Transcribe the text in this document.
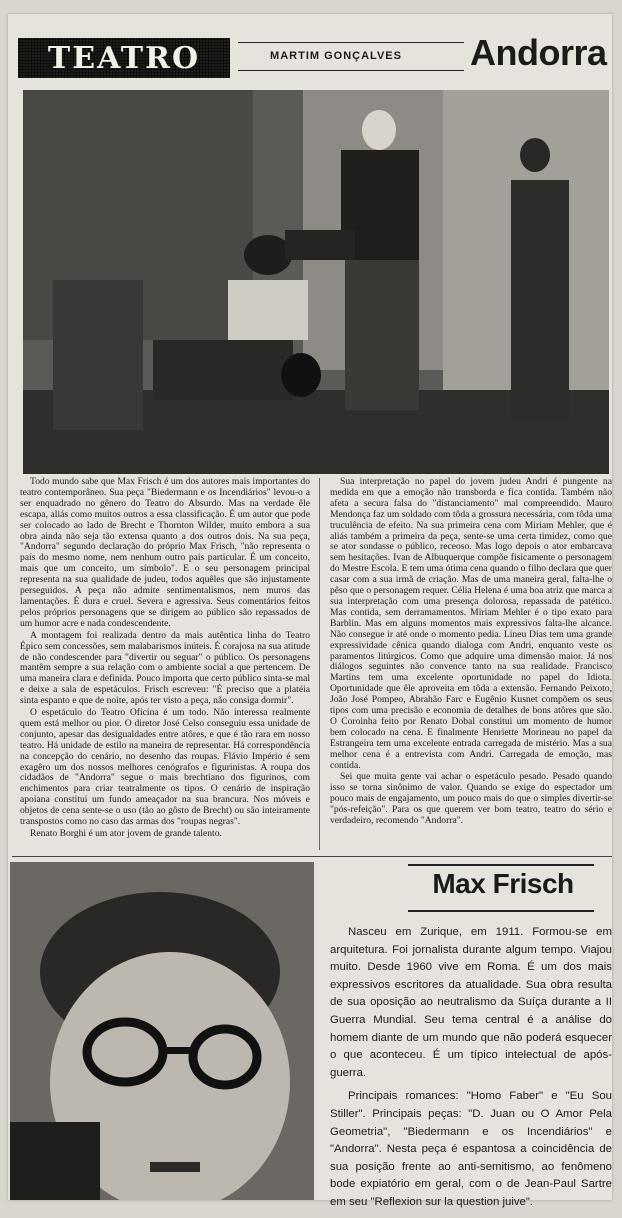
TEATRO	MARTIM GONÇALVES	Andorra

Todo mundo sabe que Max Frisch é um dos autores mais importantes do teatro contemporâneo. Sua peça "Biedermann e os Incendiários" levou-o a ser enquadrado no gênero do Teatro do Absurdo. Mas na verdade êle escapa, aliás como muitos outros a essa classificação. É um autor que pode ser colocado ao lado de Brecht e Thornton Wilder, muito embora a sua obra ainda não seja tão extensa quanto a dos outros dois. Na sua peça, "Andorra" segundo declaração do próprio Max Frisch, "não representa o país do mesmo nome, nem nenhum outro país particular. É um conceito, mais que um conceito, um símbolo". E o seu personagem principal representa na sua qualidade de judeu, todos aquêles que são injustamente perseguidos. A peça não admite sentimentalismos, nem muros das lamentações. É dura e cruel. Severa e agressiva. Seus comentários feitos pelos próprios personagens que se dirigem ao público são repassados de um humor acre e nada condescendente.

A montagem foi realizada dentro da mais autêntica linha do Teatro Épico sem concessões, sem malabarismos inúteis. É corajosa na sua atitude de não condescender para "divertir ou seguar" o público. Os personagens mantêm sempre a sua relação com o ambiente social a que pertencem. De uma maneira clara e definida. Pouco importa que certo público sinta-se mal e deixe a sala de espetáculos. Frisch escreveu: "É preciso que a platéia sinta espanto e que de noite, após ter visto a peça, não consiga dormir".

O espetáculo do Teatro Oficina é um todo. Não interessa realmente quem está melhor ou pior. O diretor José Celso conseguiu essa unidade de conjunto, apesar das desigualdades entre atôres, e que é tão rara em nosso teatro. Há unidade de estilo na maneira de representar. Há correspondência na concepção do cenário, no desenho das roupas. Flávio Império é sem exagêro um dos nossos melhores cenógrafos e figurinistas. A roupa dos cidadãos de "Andorra" segue o mais brechtiano dos figurinos, com enchimentos para criar teatralmente os tipos. O cenário de inspiração apoiana constitui um fundo ameaçador na sua brancura. Nos móveis e objetos de cena sente-se o uso (tão ao gôsto de Brecht) ou são inteiramente transpostos como no caso das armas dos "roupas negras".

Renato Borghi é um ator jovem de grande talento.

Sua interpretação no papel do jovem judeu Andri é pungente na medida em que a emoção não transborda e fica contida. Também não afeta a secura falsa do "distanciamento" mal compreendido. Mauro Mendonça faz um soldado com tôda a grossura necessária, com tôda uma truculência de efeito. Na sua primeira cena com Miriam Mehler, que é aliás também a primeira da peça, sente-se uma certa timidez, como que se ator sondasse o público, receoso. Mas logo depois o ator embarcava sem hesitações. Ivan de Albuquerque compõe fisicamente o personagem do Mestre Escola. E tem uma ótima cena quando o filho declara que quer casar com a sua irmã de criação. Mas de uma maneira geral, falta-lhe o pêso que o personagem requer. Célia Helena é uma boa atriz que marca a sua interpretação com uma presença dolorosa, repassada de patético. Mas contida, sem derramamentos. Miriam Mehler é o tipo exato para Barblin. Mas em alguns momentos mais expressivos falta-lhe alcance. Não consegue ir até onde o momento pedia. Lineu Dias tem uma grande expressividade cênica quando dialoga com Andri, enquanto veste os paramentos litúrgicos. Como que adquire uma dimensão maior. Já nos diálogos seguintes não convence tanto na sua realidade. Francisco Martins tem uma excelente oportunidade no papel do Idiota. Oportunidade que êle aproveita em tôda a extensão. Fernando Peixoto, João José Pompeo, Abrahão Farc e Eugênio Kusnet compõem os seus tipos com uma precisão e economia de detalhes de bons atôres que são. O Coroinha feito por Renato Dobal constitui um momento de humor bem colocado na cena. E finalmente Henriette Morineau no papel da Estrangeira tem uma excelente entrada carregada de mistério. Mas a sua melhor cena é a entrevista com Andri. Carregada de emoção, mas contida.

Sei que muita gente vai achar o espetáculo pesado. Pesado quando isso se torna sinônimo de valor. Quando se exige do espectador um pouco mais de engajamento, um pouco mais do que o simples divertir-se "pós-refeição". Para os que querem ver bom teatro, teatro do sério e verdadeiro, recomendo "Andorra".

Max Frisch

Nasceu em Zurique, em 1911. Formou-se em arquitetura. Foi jornalista durante algum tempo. Viajou muito. Desde 1960 vive em Roma. É um dos mais expressivos escritores da atualidade. Sua obra resulta de sua oposição ao neutralismo da Suíça durante a II Guerra Mundial. Seu tema central é a análise do homem diante de um mundo que não poderá esquecer o que aconteceu. É um típico intelectual de após-guerra.

Principais romances: "Homo Faber" e "Eu Sou Stiller". Principais peças: "D. Juan ou O Amor Pela Geometria", "Biedermann e os Incendiários" e "Andorra". Nesta peça é espantosa a coincidência de sua posição frente ao anti-semitismo, ao fenômeno bode expiatório em geral, com o de Jean-Paul Sartre em seu "Reflexion sur la question juive".
